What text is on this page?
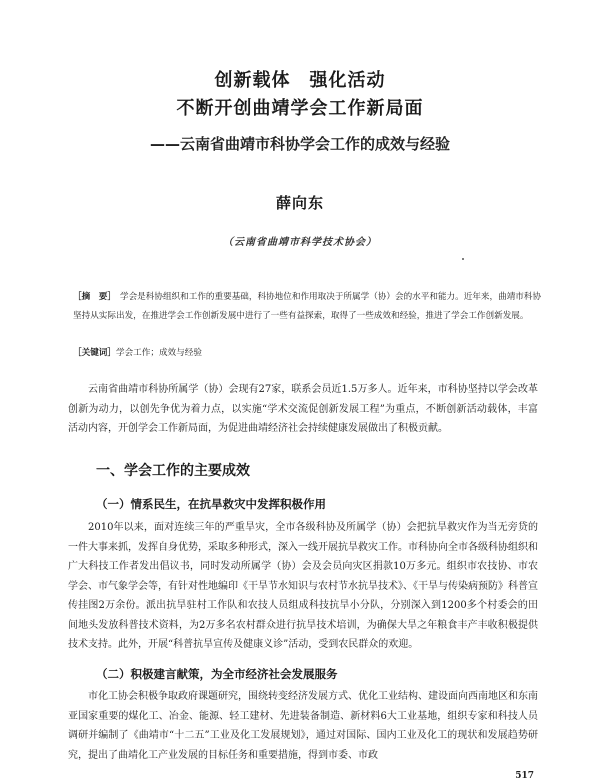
创新载体　强化活动
不断开创曲靖学会工作新局面
——云南省曲靖市科协学会工作的成效与经验
薛向东
（云南省曲靖市科学技术协会）
［摘　要］ 学会是科协组织和工作的重要基础，科协地位和作用取决于所属学（协）会的水平和能力。近年来，曲靖市科协坚持从实际出发，在推进学会工作创新发展中进行了一些有益探索，取得了一些成效和经验，推进了学会工作创新发展。
［关键词］学会工作；成效与经验
云南省曲靖市科协所属学（协）会现有27家，联系会员近1.5万多人。近年来，市科协坚持以学会改革创新为动力，以创先争优为着力点，以实施“学术交流促创新发展工程”为重点，不断创新活动载体，丰富活动内容，开创学会工作新局面，为促进曲靖经济社会持续健康发展做出了积极贡献。
一、学会工作的主要成效
（一）情系民生，在抗旱救灾中发挥积极作用
2010年以来，面对连续三年的严重旱灾，全市各级科协及所属学（协）会把抗旱救灾作为当无旁贷的一件大事来抓，发挥自身优势，采取多种形式，深入一线开展抗旱救灾工作。市科协向全市各级科协组织和广大科技工作者发出倡议书，同时发动所属学（协）会及会员向灾区捐款10万多元。组织市农技协、市农学会、市气象学会等，有针对性地编印《干旱节水知识与农村节水抗旱技术》、《干旱与传染病预防》科普宣传挂图2万余份。派出抗旱驻村工作队和农技人员组成科技抗旱小分队，分别深入到1200多个村委会的田间地头发放科普技术资料，为2万多名农村群众进行抗旱技术培训，为确保大旱之年粮食丰产丰收积极提供技术支持。此外，开展“科普抗旱宣传及健康义诊”活动，受到农民群众的欢迎。
（二）积极建言献策，为全市经济社会发展服务
市化工协会积极争取政府课题研究，围绕转变经济发展方式、优化工业结构、建设面向西南地区和东南亚国家重要的煤化工、冶金、能源、轻工建材、先进装备制造、新材料6大工业基地，组织专家和科技人员调研并编制了《曲靖市“十二五”工业及化工发展规划》，通过对国际、国内工业及化工的现状和发展趋势研究，提出了曲靖化工产业发展的目标任务和重要措施，得到市委、市政
517
